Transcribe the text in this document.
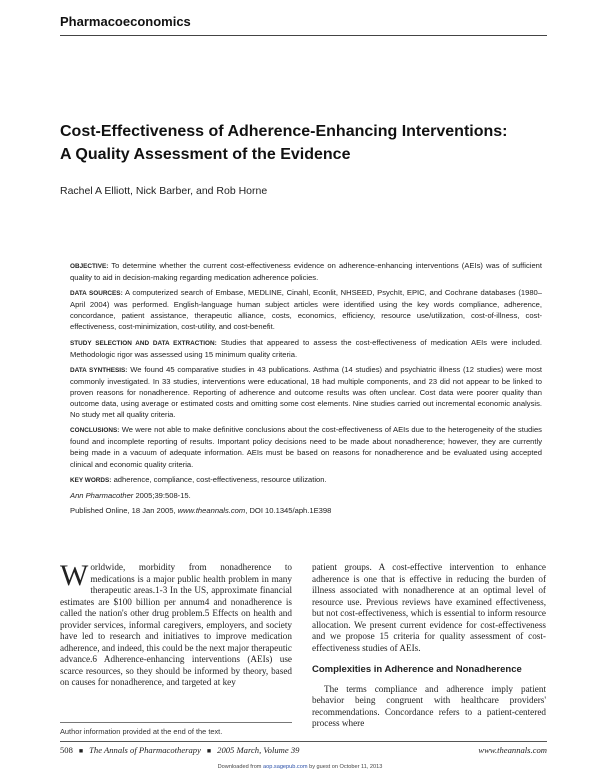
Pharmacoeconomics
Cost-Effectiveness of Adherence-Enhancing Interventions:
A Quality Assessment of the Evidence
Rachel A Elliott, Nick Barber, and Rob Horne

OBJECTIVE: To determine whether the current cost-effectiveness evidence on adherence-enhancing interventions (AEIs) was of sufficient quality to aid in decision-making regarding medication adherence policies.

DATA SOURCES: A computerized search of Embase, MEDLINE, Cinahl, Econlit, NHSEED, PsychIt, EPIC, and Cochrane databases (1980–April 2004) was performed. English-language human subject articles were identified using the key words compliance, adherence, concordance, patient assistance, therapeutic alliance, costs, economics, efficiency, resource use/utilization, cost-of-illness, cost-effectiveness, cost-minimization, cost-utility, and cost-benefit.

STUDY SELECTION AND DATA EXTRACTION: Studies that appeared to assess the cost-effectiveness of medication AEIs were included. Methodologic rigor was assessed using 15 minimum quality criteria.

DATA SYNTHESIS: We found 45 comparative studies in 43 publications. Asthma (14 studies) and psychiatric illness (12 studies) were most commonly investigated. In 33 studies, interventions were educational, 18 had multiple components, and 23 did not appear to be linked to proven reasons for nonadherence. Reporting of adherence and outcome results was often unclear. Cost data were poorer quality than outcome data, using average or estimated costs and omitting some cost elements. Nine studies carried out incremental economic analysis. No study met all quality criteria.

CONCLUSIONS: We were not able to make definitive conclusions about the cost-effectiveness of AEIs due to the heterogeneity of the studies found and incomplete reporting of results. Important policy decisions need to be made about nonadherence; however, they are currently being made in a vacuum of adequate information. AEIs must be based on reasons for nonadherence and be evaluated using accepted clinical and economic quality criteria.

KEY WORDS: adherence, compliance, cost-effectiveness, resource utilization.

Ann Pharmacother 2005;39:508-15.

Published Online, 18 Jan 2005, www.theannals.com, DOI 10.1345/aph.1E398

Worldwide, morbidity from nonadherence to medications is a major public health problem in many therapeutic areas.1-3 In the US, approximate financial estimates are $100 billion per annum4 and nonadherence is called the nation's other drug problem.5 Effects on health and provider services, informal caregivers, employers, and society have led to research and initiatives to improve medication adherence, and indeed, this could be the next major therapeutic advance.6 Adherence-enhancing interventions (AEIs) use scarce resources, so they should be informed by theory, based on causes for nonadherence, and targeted at key

patient groups. A cost-effective intervention to enhance adherence is one that is effective in reducing the burden of illness associated with nonadherence at an optimal level of resource use. Previous reviews have examined effectiveness, but not cost-effectiveness, which is essential to inform resource allocation. We present current evidence for cost-effectiveness and we propose 15 criteria for quality assessment of cost-effectiveness studies of AEIs.

Complexities in Adherence and Nonadherence

The terms compliance and adherence imply patient behavior being congruent with healthcare providers' recommendations. Concordance refers to a patient-centered process where

Author information provided at the end of the text.
508 ■ The Annals of Pharmacotherapy ■ 2005 March, Volume 39	www.theannals.com
Downloaded from aop.sagepub.com by guest on October 11, 2013
